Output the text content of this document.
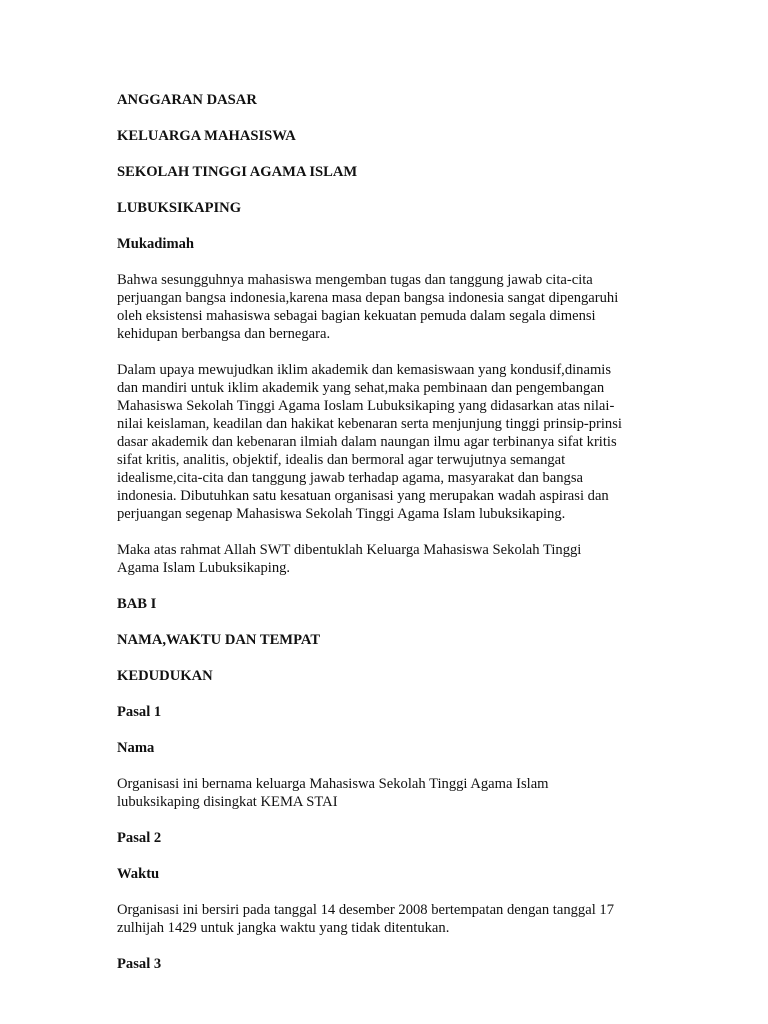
ANGGARAN DASAR
KELUARGA MAHASISWA
SEKOLAH TINGGI AGAMA ISLAM
LUBUKSIKAPING
Mukadimah
Bahwa sesungguhnya mahasiswa mengemban tugas dan tanggung jawab cita-cita
perjuangan bangsa indonesia,karena masa depan bangsa indonesia sangat dipengaruhi
oleh eksistensi mahasiswa sebagai bagian kekuatan pemuda dalam segala dimensi
kehidupan berbangsa dan bernegara.
Dalam upaya mewujudkan iklim akademik dan kemasiswaan yang kondusif,dinamis
dan mandiri untuk iklim akademik yang sehat,maka pembinaan dan pengembangan
Mahasiswa Sekolah Tinggi Agama Ioslam Lubuksikaping yang didasarkan atas nilai-
nilai keislaman, keadilan dan hakikat kebenaran serta menjunjung tinggi prinsip-prinsi
dasar akademik dan kebenaran ilmiah dalam naungan ilmu agar terbinanya sifat kritis
sifat kritis, analitis, objektif, idealis dan bermoral agar terwujutnya semangat
idealisme,cita-cita dan tanggung jawab terhadap agama, masyarakat dan bangsa
indonesia. Dibutuhkan satu kesatuan organisasi yang merupakan wadah aspirasi dan
perjuangan segenap Mahasiswa Sekolah Tinggi Agama Islam lubuksikaping.
Maka atas rahmat Allah SWT dibentuklah Keluarga Mahasiswa Sekolah Tinggi
Agama Islam Lubuksikaping.
BAB I
NAMA,WAKTU DAN TEMPAT
KEDUDUKAN
Pasal 1
Nama
Organisasi ini bernama keluarga Mahasiswa Sekolah Tinggi Agama Islam
lubuksikaping disingkat KEMA STAI
Pasal 2
Waktu
Organisasi ini bersiri pada tanggal 14 desember 2008 bertempatan dengan tanggal 17
zulhijah 1429 untuk jangka waktu yang tidak ditentukan.
Pasal 3
